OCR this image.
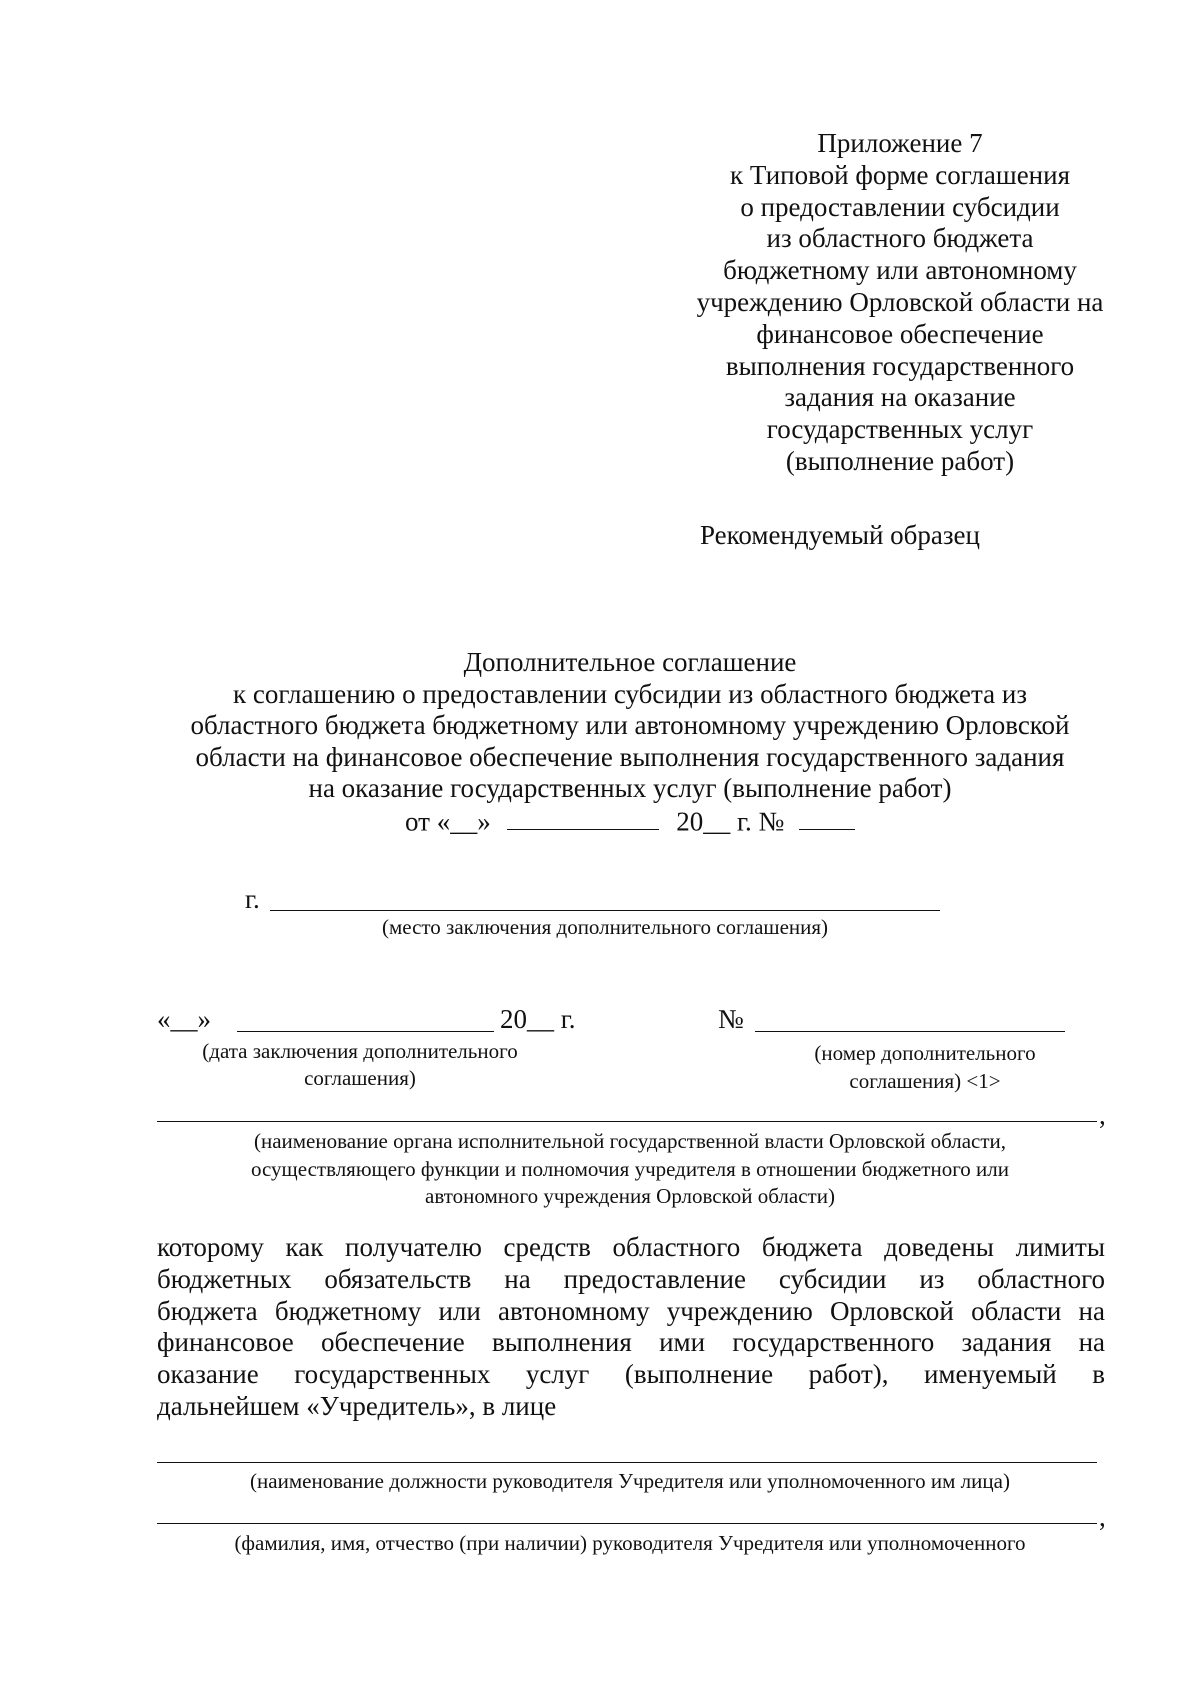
Приложение 7
к Типовой форме соглашения
о предоставлении субсидии
из областного бюджета
бюджетному или автономному
учреждению Орловской области на
финансовое обеспечение
выполнения государственного
задания на оказание
государственных услуг
(выполнение работ)
Рекомендуемый образец
Дополнительное соглашение
к соглашению о предоставлении субсидии из областного бюджета из
областного бюджета бюджетному или автономному учреждению Орловской
области на финансовое обеспечение выполнения государственного задания
на оказание государственных услуг (выполнение работ)
от «__»	20__ г. №
г.
(место заключения дополнительного соглашения)
«__»	20__ г.
(дата заключения дополнительного
соглашения)
№
(номер дополнительного
соглашения) <1>
,
(наименование органа исполнительной государственной власти Орловской области,
осуществляющего функции и полномочия учредителя в отношении бюджетного или
автономного учреждения Орловской области)
которому как получателю средств областного бюджета доведены лимиты
бюджетных обязательств на предоставление субсидии из областного
бюджета бюджетному или автономному учреждению Орловской области на
финансовое обеспечение выполнения ими государственного задания на
оказание государственных услуг (выполнение работ), именуемый в
дальнейшем «Учредитель», в лице
(наименование должности руководителя Учредителя или уполномоченного им лица)
,
(фамилия, имя, отчество (при наличии) руководителя Учредителя или уполномоченного
